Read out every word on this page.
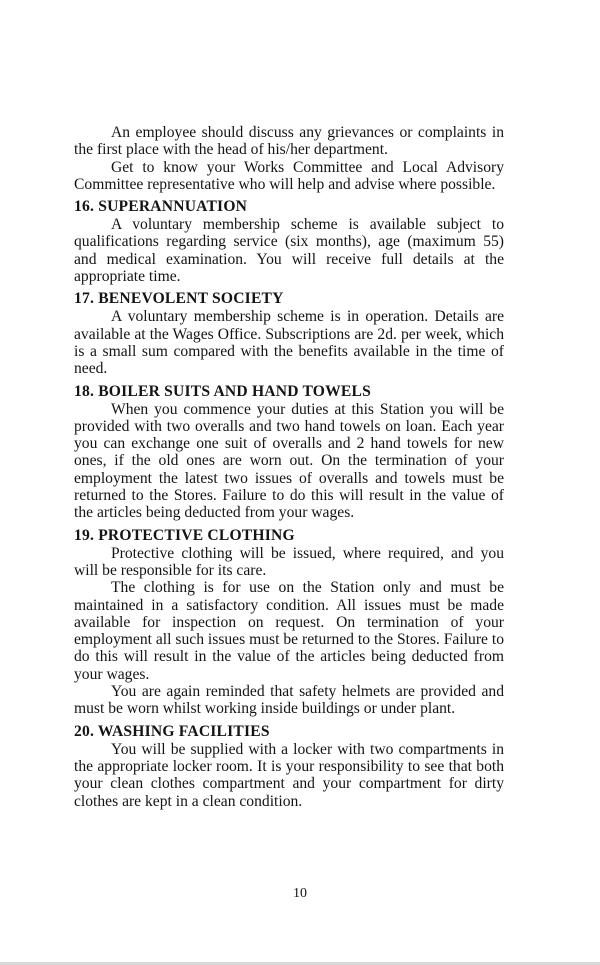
An employee should discuss any grievances or complaints in the first place with the head of his/her department.

Get to know your Works Committee and Local Advisory Committee representative who will help and advise where possible.

16. SUPERANNUATION

A voluntary membership scheme is available subject to qualifications regarding service (six months), age (maximum 55) and medical examination. You will receive full details at the appropriate time.

17. BENEVOLENT SOCIETY

A voluntary membership scheme is in operation. Details are available at the Wages Office. Subscriptions are 2d. per week, which is a small sum compared with the benefits available in the time of need.

18. BOILER SUITS AND HAND TOWELS

When you commence your duties at this Station you will be provided with two overalls and two hand towels on loan. Each year you can exchange one suit of overalls and 2 hand towels for new ones, if the old ones are worn out. On the termination of your employment the latest two issues of overalls and towels must be returned to the Stores. Failure to do this will result in the value of the articles being deducted from your wages.

19. PROTECTIVE CLOTHING

Protective clothing will be issued, where required, and you will be responsible for its care.

The clothing is for use on the Station only and must be maintained in a satisfactory condition. All issues must be made available for inspection on request. On termination of your employment all such issues must be returned to the Stores. Failure to do this will result in the value of the articles being deducted from your wages.

You are again reminded that safety helmets are provided and must be worn whilst working inside buildings or under plant.

20. WASHING FACILITIES

You will be supplied with a locker with two compartments in the appropriate locker room. It is your responsibility to see that both your clean clothes compartment and your compartment for dirty clothes are kept in a clean condition.

10
